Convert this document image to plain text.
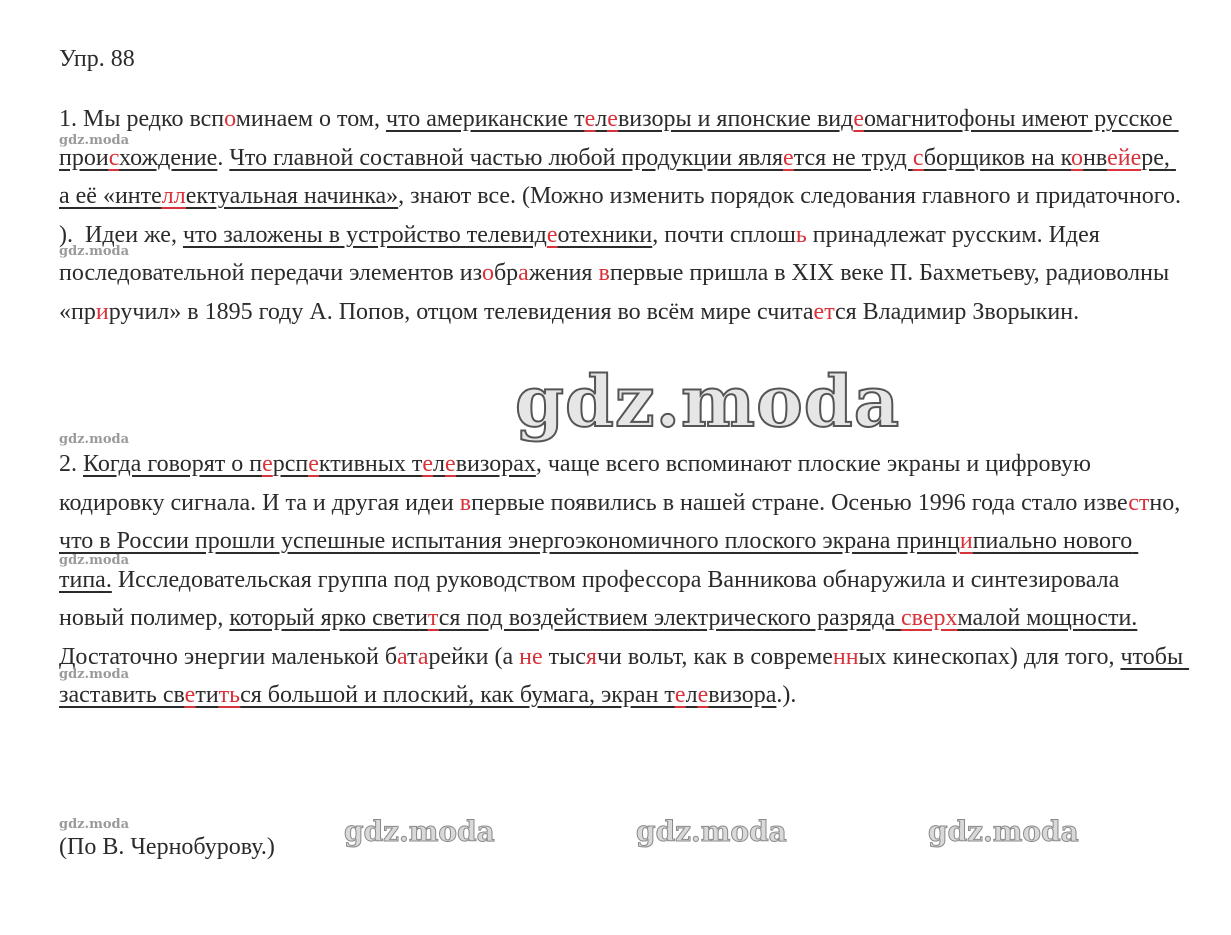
Упр. 88
1. Мы редко вспоминаем о том, что американские телевизоры и японские видеомагнитофоны имеют русское происхождение. Что главной составной частью любой продукции является не труд сборщиков на конвейере, а её «интеллектуальная начинка», знают все. (Можно изменить порядок следования главного и придаточного. ).  Идеи же, что заложены в устройство телевидеотехники, почти сплошь принадлежат русским. Идея последовательной передачи элементов изображения впервые пришла в XIX веке П. Бахметьеву, радиоволны «приручил» в 1895 году А. Попов, отцом телевидения во всём мире считается Владимир Зворыкин.
2. Когда говорят о перспективных телевизорах, чаще всего вспоминают плоские экраны и цифровую кодировку сигнала. И та и другая идеи впервые появились в нашей стране. Осенью 1996 года стало известно, что в России прошли успешные испытания энергоэкономичного плоского экрана принципиально нового типа. Исследовательская группа под руководством профессора Ванникова обнаружила и синтезировала новый полимер, который ярко светится под воздействием электрического разряда сверхмалой мощности. Достаточно энергии маленькой батарейки (а не тысячи вольт, как в современных кинескопах) для того, чтобы заставить светиться большой и плоский, как бумага, экран телевизора.).
(По В. Чернобурову.)
gdz.moda
gdz.moda
gdz.moda
gdz.moda
gdz.moda
gdz.moda
gdz.moda
gdz.moda	gdz.moda	gdz.moda
